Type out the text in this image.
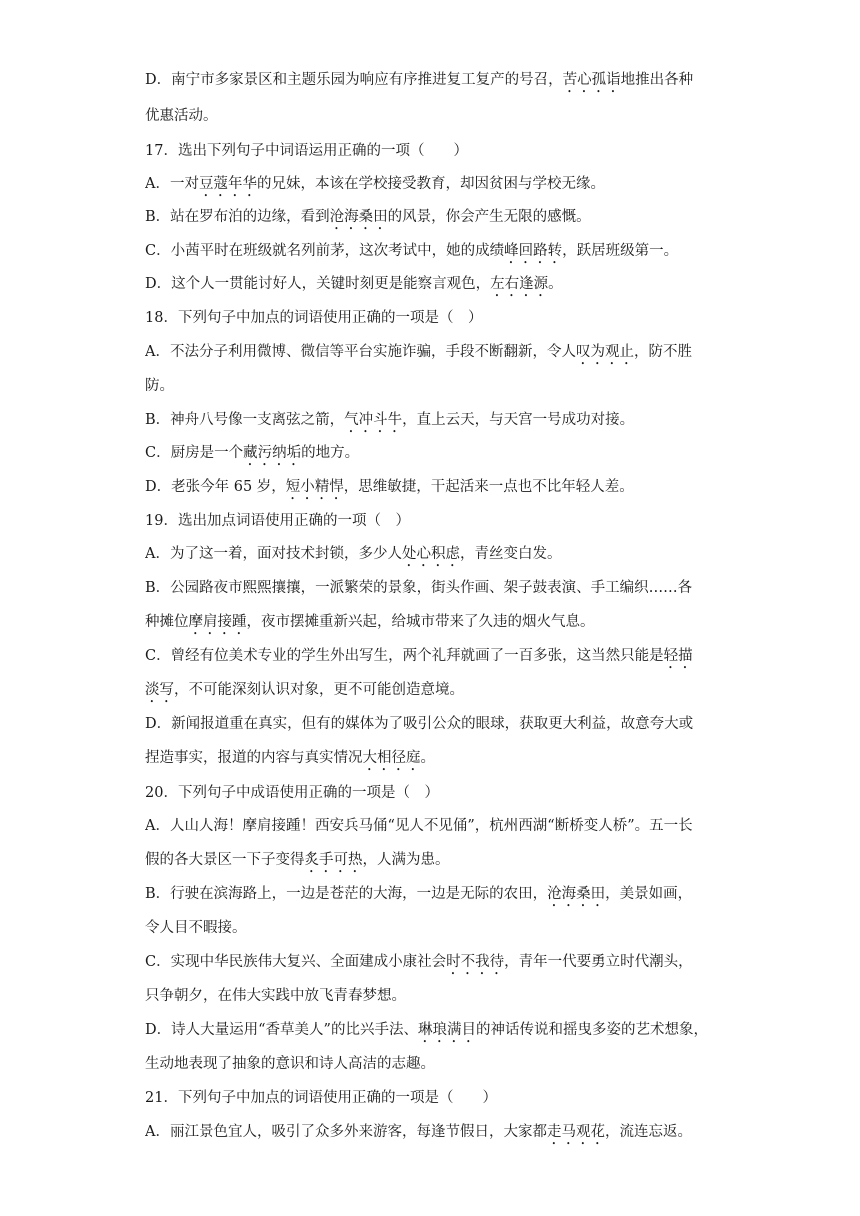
D．南宁市多家景区和主题乐园为响应有序推进复工复产的号召，苦心孤诣地推出各种
优惠活动。
17．选出下列句子中词语运用正确的一项（　　）
A．一对豆蔻年华的兄妹，本该在学校接受教育，却因贫困与学校无缘。
B．站在罗布泊的边缘，看到沧海桑田的风景，你会产生无限的感慨。
C．小茜平时在班级就名列前茅，这次考试中，她的成绩峰回路转，跃居班级第一。
D．这个人一贯能讨好人，关键时刻更是能察言观色，左右逢源。
18．下列句子中加点的词语使用正确的一项是（　）
A．不法分子利用微博、微信等平台实施诈骗，手段不断翻新，令人叹为观止，防不胜
防。
B．神舟八号像一支离弦之箭，气冲斗牛，直上云天，与天宫一号成功对接。
C．厨房是一个藏污纳垢的地方。
D．老张今年 65 岁，短小精悍，思维敏捷，干起活来一点也不比年轻人差。
19．选出加点词语使用正确的一项（　）
A．为了这一着，面对技术封锁，多少人处心积虑，青丝变白发。
B．公园路夜市熙熙攘攘，一派繁荣的景象，街头作画、架子鼓表演、手工编织……各
种摊位摩肩接踵，夜市摆摊重新兴起，给城市带来了久违的烟火气息。
C．曾经有位美术专业的学生外出写生，两个礼拜就画了一百多张，这当然只能是轻描
淡写，不可能深刻认识对象，更不可能创造意境。
D．新闻报道重在真实，但有的媒体为了吸引公众的眼球，获取更大利益，故意夸大或
捏造事实，报道的内容与真实情况大相径庭。
20．下列句子中成语使用正确的一项是（　）
A．人山人海！摩肩接踵！西安兵马俑“见人不见俑”，杭州西湖“断桥变人桥”。五一长
假的各大景区一下子变得炙手可热，人满为患。
B．行驶在滨海路上，一边是苍茫的大海，一边是无际的农田，沧海桑田，美景如画，
令人目不暇接。
C．实现中华民族伟大复兴、全面建成小康社会时不我待，青年一代要勇立时代潮头，
只争朝夕，在伟大实践中放飞青春梦想。
D．诗人大量运用“香草美人”的比兴手法、琳琅满目的神话传说和摇曳多姿的艺术想象，
生动地表现了抽象的意识和诗人高洁的志趣。
21．下列句子中加点的词语使用正确的一项是（　　）
A．丽江景色宜人，吸引了众多外来游客，每逢节假日，大家都走马观花，流连忘返。
